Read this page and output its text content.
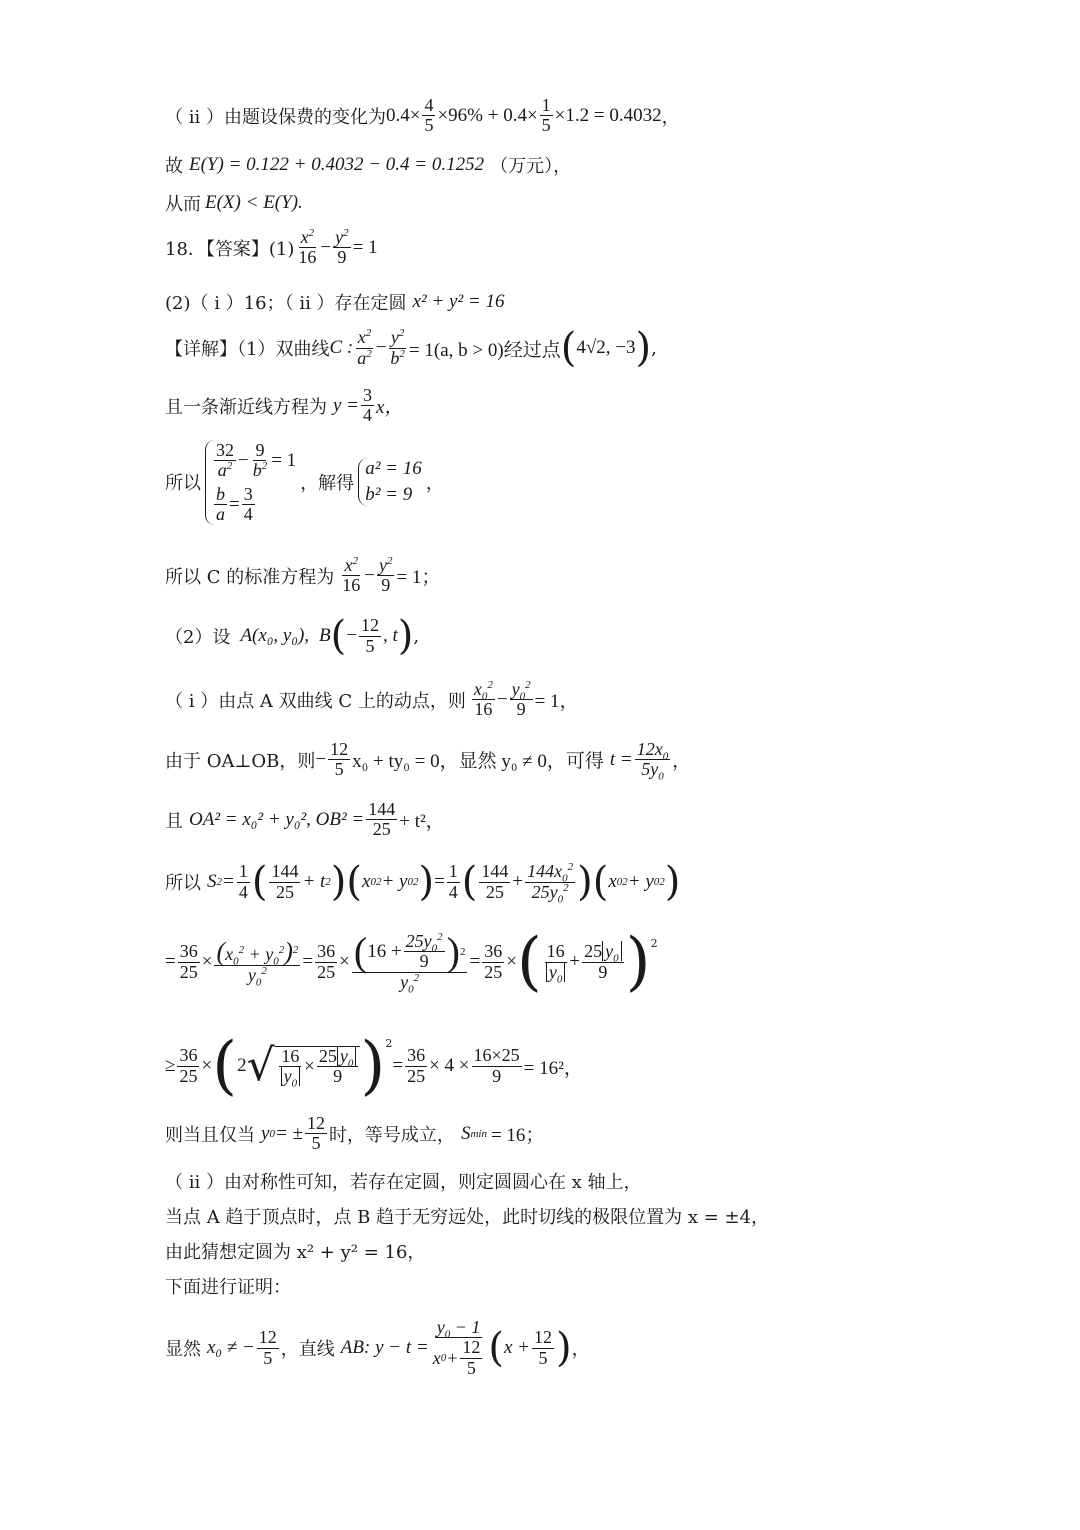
（ ⅱ ）由题设保费的变化为 $0.4\times \frac{4}{5} \times 96\% + 0.4\times \frac{1}{5} \times 1.2 = 0.4032$ ，
故 E(Y) = 0.122 + 0.4032 − 0.4 = 0.1252 （万元），
从而 E(X) < E(Y).
18．【答案】$(1) \frac{x^2}{16} - \frac{y^2}{9} = 1$
(2)（ ⅰ ）16；（ ⅱ ）存在定圆 x² + y² = 16
【详解】（1）双曲线 C : $\frac{x^2}{a^2} - \frac{y^2}{b^2} = 1(a$, b > 0)经过点 ( 4√2, −3 ) ,
且一条渐近线方程为 $y = \frac{3}{4}$ x，
所以
$\frac{32}{a^2} - \frac{9}{b^2} = 1$
$\frac{b}{a} = \frac{3}{4}$
，解得
a² = 16
b² = 9
，
所以 C 的标准方程为 $\frac{x^2}{16} - \frac{y^2}{9} = 1$；
（2）设 A(x₀, y₀), B ( − $\frac{12}{5}$ , t ) ,
（ ⅰ ）由点 A 双曲线 C 上的动点，则 $\frac{x_0^2}{16} - \frac{y_0^2}{9} = 1$，
由于 OA⊥OB，则 − $\frac{12}{5} x_0 + ty_0 = 0$，显然 y₀ ≠ 0，可得 $t = \frac{12x_0}{5y_0}$ ，
且 OA² = x₀² + y₀², $OB^2 = \frac{144}{25} + t^2$，
所以 S $2 = \frac{1}{4}$ ( $\frac{144}{25} + t$ 2 ) ( x 0 2 + y 0 2 ) = $\frac{1}{4}$ ( $\frac{144}{25} + \frac{144x_0^2}{25y_0^2}$ ) ( x 0 2 + y 0 2 )
= $\frac{36}{25} \times \frac{(x_0^2 + y_0^2)^2}{y_0^2} = \frac{36}{25} \times \frac{( 16 + \frac{25y_0^2}{9} ) 2}{y_0^2} = \frac{36}{25}$ × ( $\frac{16}{y_0} + \frac{25 y_0}{9}$ ) 2
≥ $\frac{36}{25}$ × ( 2 √ $\frac{16}{y_0} \times \frac{25 y_0}{9}$ ) 2
= $\frac{36}{25} \times 4 \times \frac{16\times 25}{9} = 16^2$，
则当且仅当 y 0 = ± $\frac{12}{5}$ 时，等号成立， S min = 16；
（ ⅱ ）由对称性可知，若存在定圆，则定圆圆心在 x 轴上，
当点 A 趋于顶点时，点 B 趋于无穷远处，此时切线的极限位置为 x = ±4，
由此猜想定圆为 x² + y² = 16，
下面进行证明：
显然 x₀ ≠ − $\frac{12}{5}$ ，直线 AB: $y - t = \frac{y_0 - 1}{x 0 + \frac{12}{5}}$ ( $x + \frac{12}{5}$ ) ，
